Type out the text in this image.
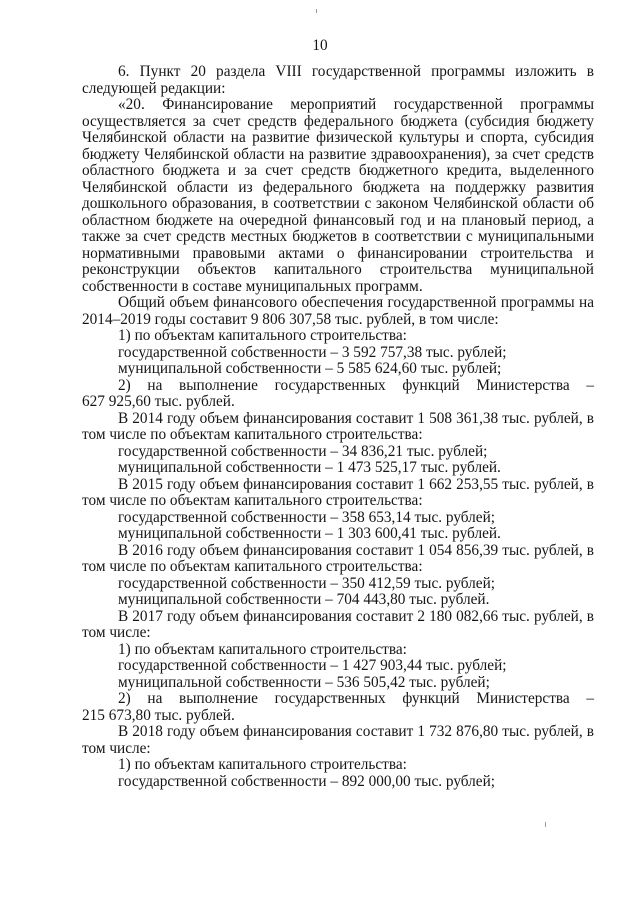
10

6. Пункт 20 раздела VIII государственной программы изложить в следующей редакции:

«20. Финансирование мероприятий государственной программы осуществляется за счет средств федерального бюджета (субсидия бюджету Челябинской области на развитие физической культуры и спорта, субсидия бюджету Челябинской области на развитие здравоохранения), за счет средств областного бюджета и за счет средств бюджетного кредита, выделенного Челябинской области из федерального бюджета на поддержку развития дошкольного образования, в соответствии с законом Челябинской области об областном бюджете на очередной финансовый год и на плановый период, а также за счет средств местных бюджетов в соответствии с муниципальными нормативными правовыми актами о финансировании строительства и реконструкции объектов капитального строительства муниципальной собственности в составе муниципальных программ.

Общий объем финансового обеспечения государственной программы на 2014–2019 годы составит 9 806 307,58 тыс. рублей, в том числе:

1) по объектам капитального строительства:

государственной собственности – 3 592 757,38 тыс. рублей;

муниципальной собственности – 5 585 624,60 тыс. рублей;

2) на выполнение государственных функций Министерства –

627 925,60 тыс. рублей.

В 2014 году объем финансирования составит 1 508 361,38 тыс. рублей, в том числе по объектам капитального строительства:

государственной собственности – 34 836,21 тыс. рублей;

муниципальной собственности – 1 473 525,17 тыс. рублей.

В 2015 году объем финансирования составит 1 662 253,55 тыс. рублей, в том числе по объектам капитального строительства:

государственной собственности – 358 653,14 тыс. рублей;

муниципальной собственности – 1 303 600,41 тыс. рублей.

В 2016 году объем финансирования составит 1 054 856,39 тыс. рублей, в том числе по объектам капитального строительства:

государственной собственности – 350 412,59 тыс. рублей;

муниципальной собственности – 704 443,80 тыс. рублей.

В 2017 году объем финансирования составит 2 180 082,66 тыс. рублей, в том числе:

1) по объектам капитального строительства:

государственной собственности – 1 427 903,44 тыс. рублей;

муниципальной собственности – 536 505,42 тыс. рублей;

2) на выполнение государственных функций Министерства –

215 673,80 тыс. рублей.

В 2018 году объем финансирования составит 1 732 876,80 тыс. рублей, в том числе:

1) по объектам капитального строительства:

государственной собственности – 892 000,00 тыс. рублей;
